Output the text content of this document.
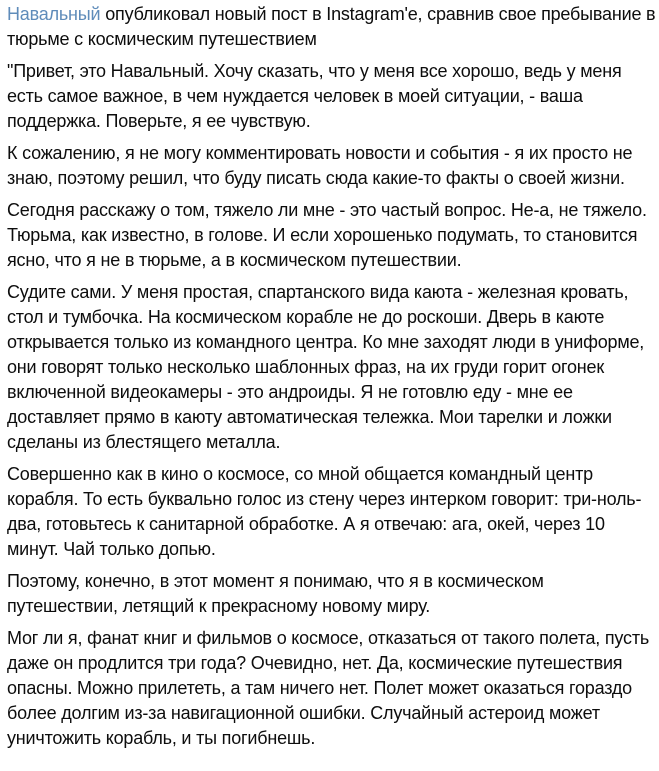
Навальный опубликовал новый пост в Instagram'е, сравнив свое пребывание в тюрьме с космическим путешествием

"Привет, это Навальный. Хочу сказать, что у меня все хорошо, ведь у меня есть самое важное, в чем нуждается человек в моей ситуации, - ваша поддержка. Поверьте, я ее чувствую.

К сожалению, я не могу комментировать новости и события - я их просто не знаю, поэтому решил, что буду писать сюда какие-то факты о своей жизни.

Сегодня расскажу о том, тяжело ли мне - это частый вопрос. Не-а, не тяжело. Тюрьма, как известно, в голове. И если хорошенько подумать, то становится ясно, что я не в тюрьме, а в космическом путешествии.

Судите сами. У меня простая, спартанского вида каюта - железная кровать, стол и тумбочка. На космическом корабле не до роскоши. Дверь в каюте открывается только из командного центра. Ко мне заходят люди в униформе, они говорят только несколько шаблонных фраз, на их груди горит огонек включенной видеокамеры - это андроиды. Я не готовлю еду - мне ее доставляет прямо в каюту автоматическая тележка. Мои тарелки и ложки сделаны из блестящего металла.

Совершенно как в кино о космосе, со мной общается командный центр корабля. То есть буквально голос из стену через интерком говорит: три-ноль-два, готовьтесь к санитарной обработке. А я отвечаю: ага, окей, через 10 минут. Чай только допью.

Поэтому, конечно, в этот момент я понимаю, что я в космическом путешествии, летящий к прекрасному новому миру.

Мог ли я, фанат книг и фильмов о космосе, отказаться от такого полета, пусть даже он продлится три года? Очевидно, нет. Да, космические путешествия опасны. Можно прилететь, а там ничего нет. Полет может оказаться гораздо более долгим из-за навигационной ошибки. Случайный астероид может уничтожить корабль, и ты погибнешь.
